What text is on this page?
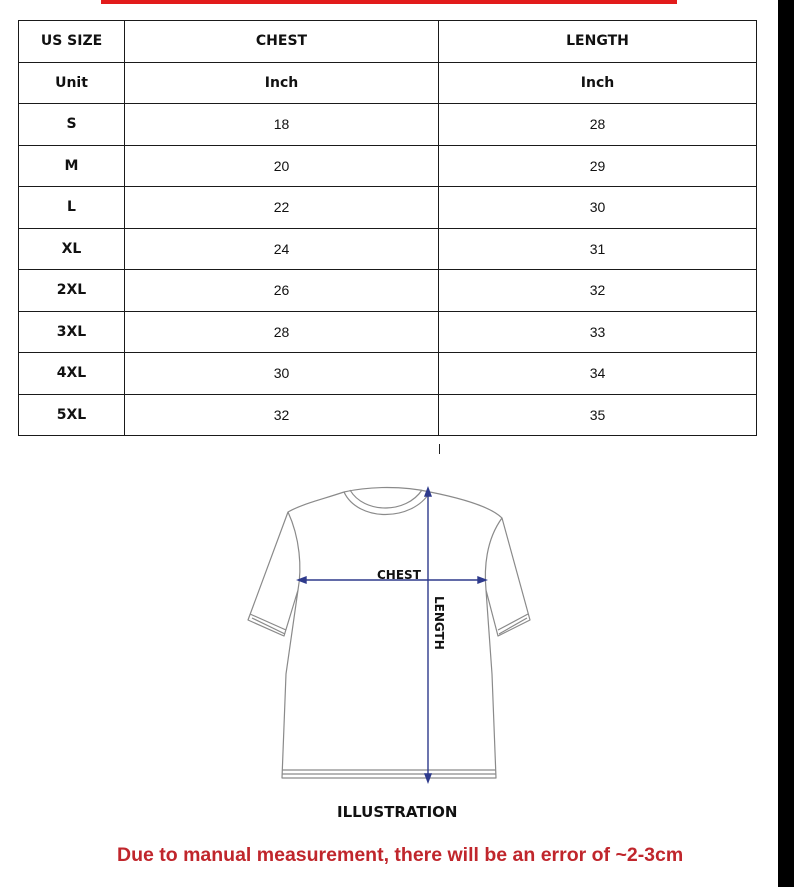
US SIZE	CHEST	LENGTH
Unit	Inch	Inch
S	18	28
M	20	29
L	22	30
XL	24	31
2XL	26	32
3XL	28	33
4XL	30	34
5XL	32	35
CHEST
LENGTH
ILLUSTRATION
Due to manual measurement, there will be an error of ~2-3cm
